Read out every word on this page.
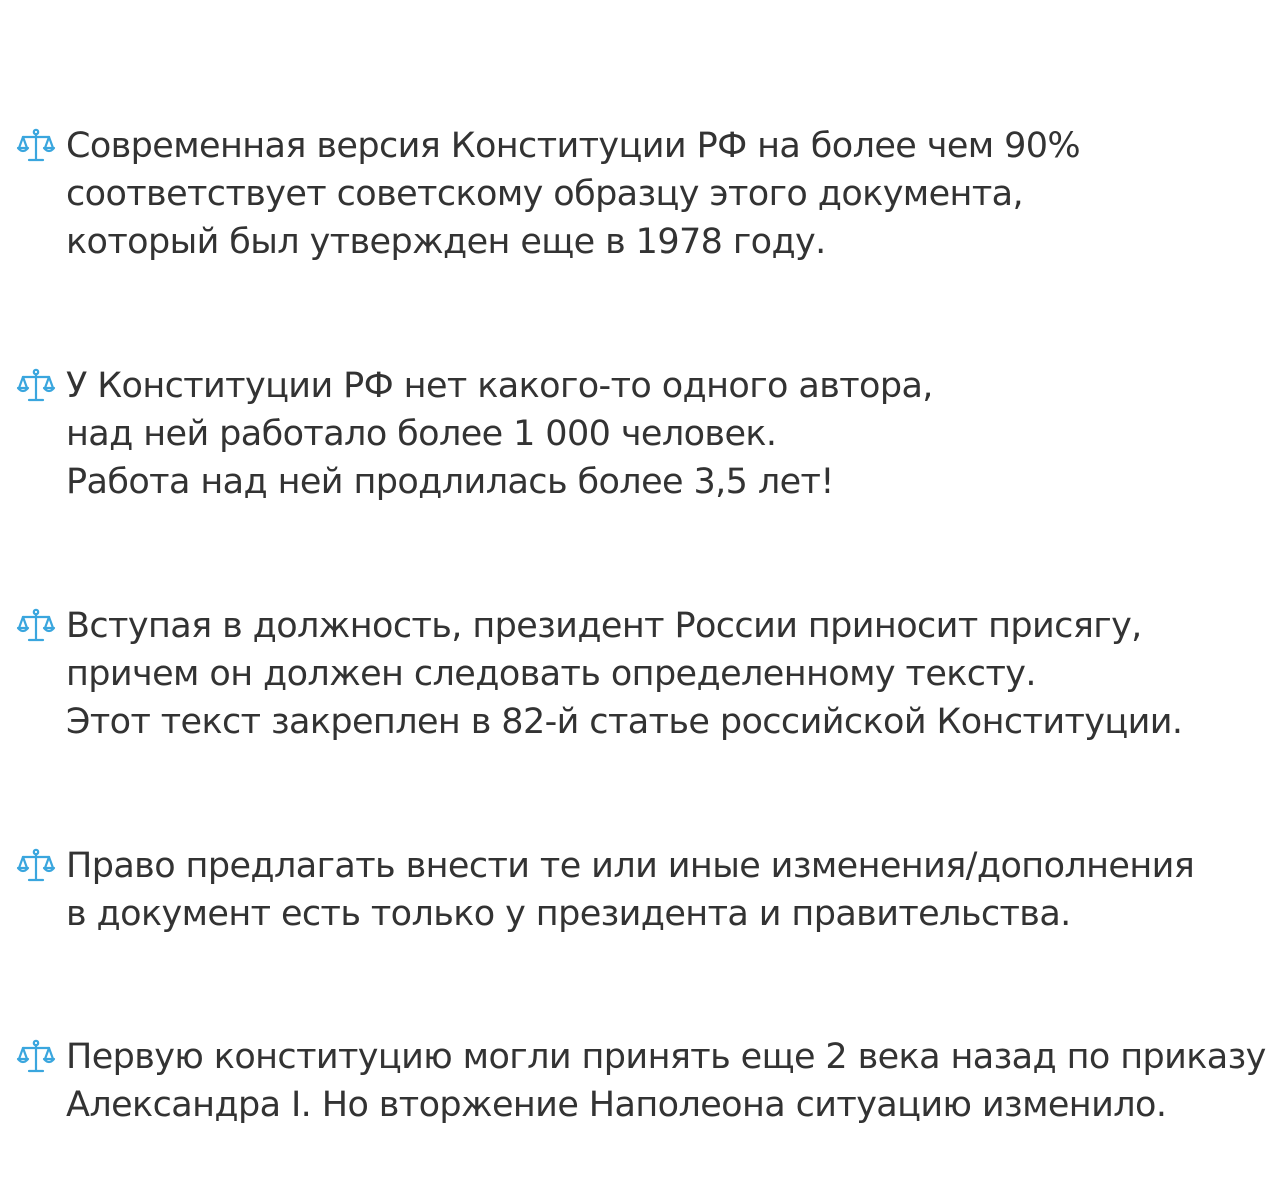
Современная версия Конституции РФ на более чем 90%
соответствует советскому образцу этого документа,
который был утвержден еще в 1978 году.
У Конституции РФ нет какого-то одного автора,
над ней работало более 1 000 человек.
Работа над ней продлилась более 3,5 лет!
Вступая в должность, президент России приносит присягу,
причем он должен следовать определенному тексту.
Этот текст закреплен в 82-й статье российской Конституции.
Право предлагать внести те или иные изменения/дополнения
в документ есть только у президента и правительства.
Первую конституцию могли принять еще 2 века назад по приказу
Александра I. Но вторжение Наполеона ситуацию изменило.
